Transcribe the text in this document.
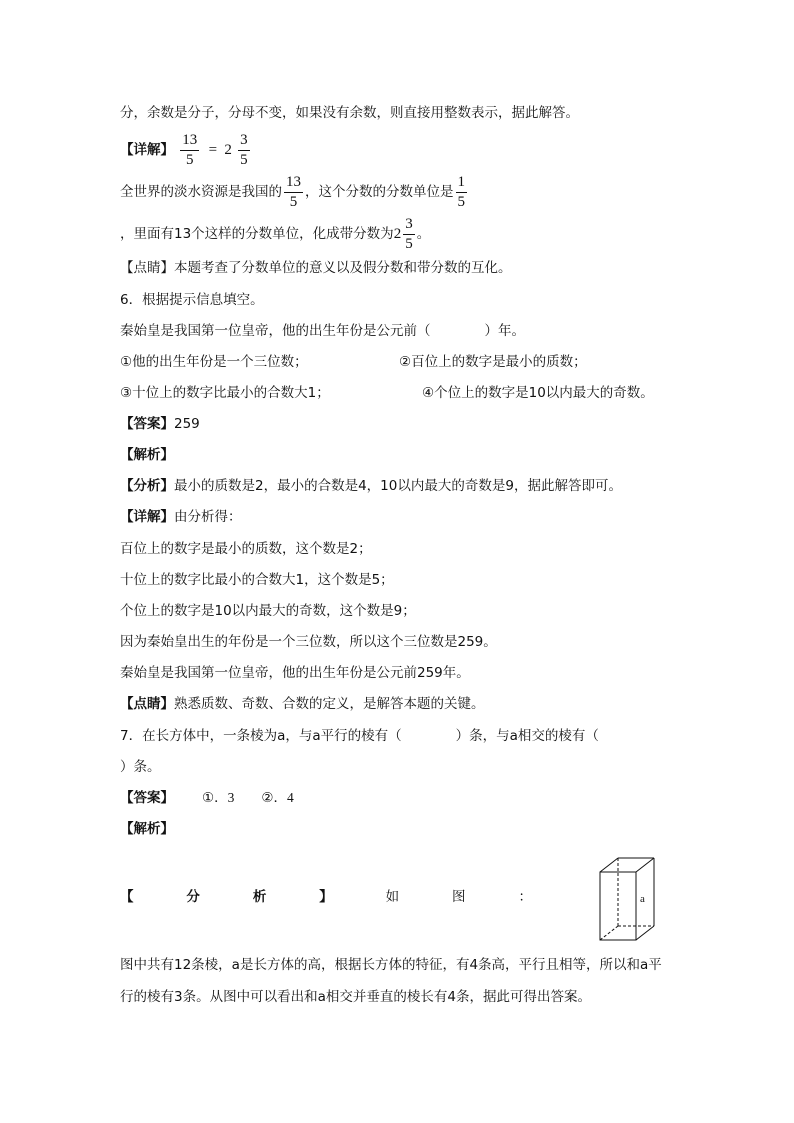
分，余数是分子，分母不变，如果没有余数，则直接用整数表示，据此解答。
【详解】 $\frac{13}{5} = 2 \frac{3}{5}$
全世界的淡水资源是我国的 $\frac{13}{5}$ ，这个分数的分数单位是 $\frac{1}{5}$
，里面有13个这样的分数单位，化成带分数为$2 \frac{3}{5}$ 。
【点睛】本题考查了分数单位的意义以及假分数和带分数的互化。
6．根据提示信息填空。
秦始皇是我国第一位皇帝，他的出生年份是公元前（　　　　）年。
①他的出生年份是一个三位数；	②百位上的数字是最小的质数；
③十位上的数字比最小的合数大1；	④个位上的数字是10以内最大的奇数。
【答案】259
【解析】
【分析】最小的质数是2，最小的合数是4，10以内最大的奇数是9，据此解答即可。
【详解】由分析得：
百位上的数字是最小的质数，这个数是2；
十位上的数字比最小的合数大1，这个数是5；
个位上的数字是10以内最大的奇数，这个数是9；
因为秦始皇出生的年份是一个三位数，所以这个三位数是259。
秦始皇是我国第一位皇帝，他的出生年份是公元前259年。
【点睛】熟悉质数、奇数、合数的定义，是解答本题的关键。
7．在长方体中，一条棱为a，与a平行的棱有（　　　　）条，与a相交的棱有（
）条。
【答案】 ①．3　　②．4
【解析】
【	分	析	】	如	图	：	a
图中共有12条棱，a是长方体的高，根据长方体的特征，有4条高，平行且相等，所以和a平
行的棱有3条。从图中可以看出和a相交并垂直的棱长有4条，据此可得出答案。
